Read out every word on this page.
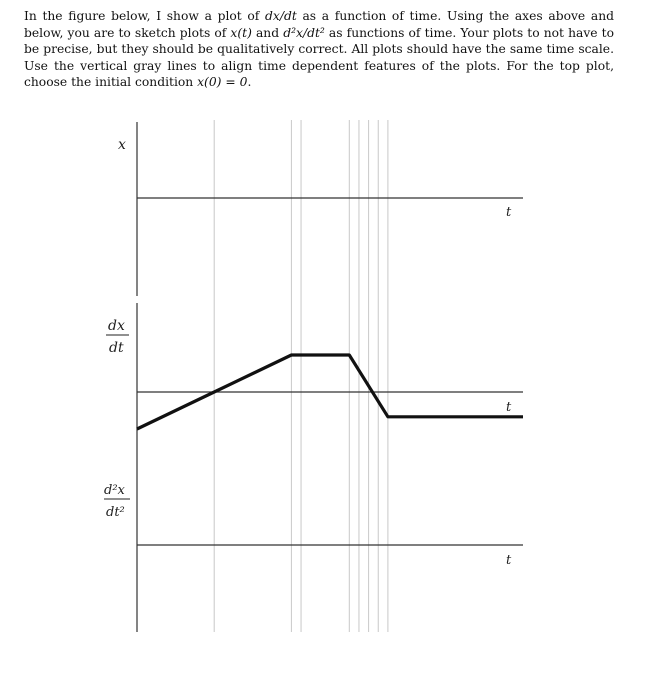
In the figure below, I show a plot of dx/dt as a function of time. Using the axes above and below, you are to sketch plots of x(t) and d²x/dt² as functions of time. Your plots to not have to be precise, but they should be qualitatively correct. All plots should have the same time scale. Use the vertical gray lines to align time dependent features of the plots. For the top plot, choose the initial condition x(0) = 0.

x
t
dx
dt
t
d²x
dt²
t
